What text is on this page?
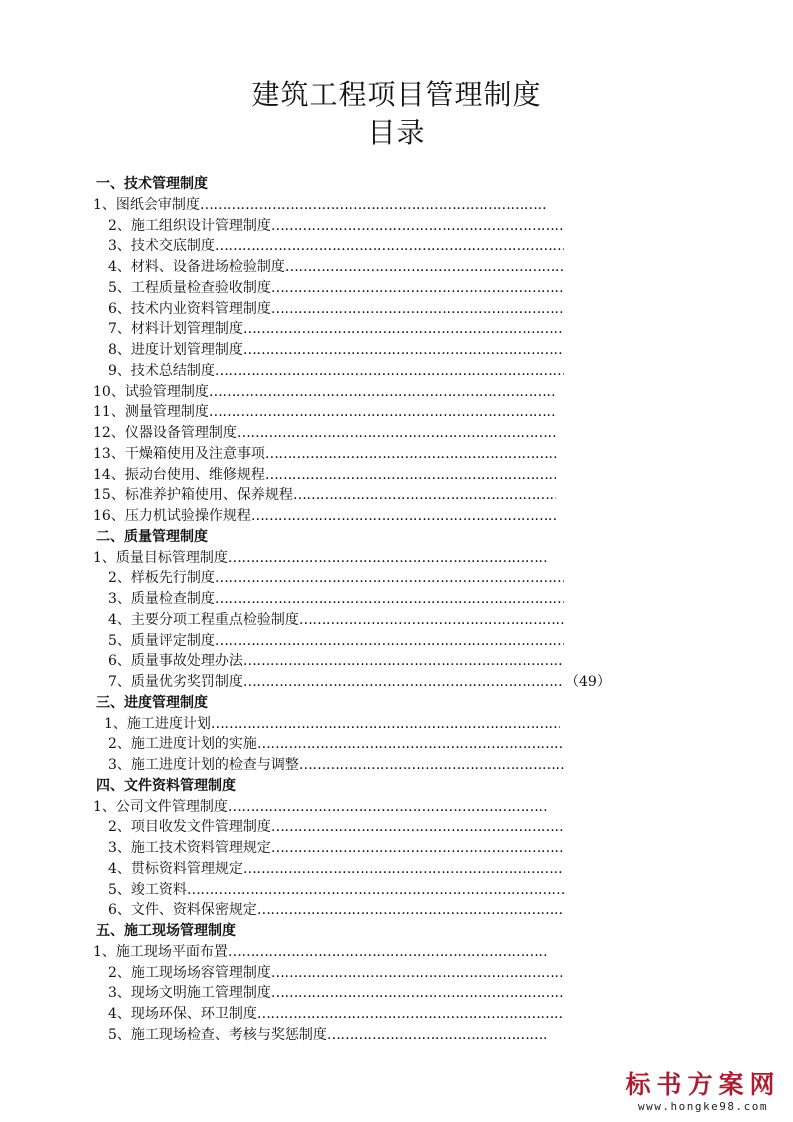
建筑工程项目管理制度
目录
一、技术管理制度
1、图纸会审制度
……………………………………………………………………………………………………………………………………………………………………
2、施工组织设计管理制度
……………………………………………………………………………………………………………………………………………………………………
3、技术交底制度
……………………………………………………………………………………………………………………………………………………………………
4、材料、设备进场检验制度
……………………………………………………………………………………………………………………………………………………………………
5、工程质量检查验收制度
……………………………………………………………………………………………………………………………………………………………………
6、技术内业资料管理制度
……………………………………………………………………………………………………………………………………………………………………
7、材料计划管理制度
……………………………………………………………………………………………………………………………………………………………………
8、进度计划管理制度
……………………………………………………………………………………………………………………………………………………………………
9、技术总结制度
……………………………………………………………………………………………………………………………………………………………………
10、试验管理制度
……………………………………………………………………………………………………………………………………………………………………
11、测量管理制度
……………………………………………………………………………………………………………………………………………………………………
12、仪器设备管理制度
……………………………………………………………………………………………………………………………………………………………………
13、干燥箱使用及注意事项
……………………………………………………………………………………………………………………………………………………………………
14、振动台使用、维修规程
……………………………………………………………………………………………………………………………………………………………………
15、标准养护箱使用、保养规程
……………………………………………………………………………………………………………………………………………………………………
16、压力机试验操作规程
……………………………………………………………………………………………………………………………………………………………………
二、质量管理制度
1、质量目标管理制度
……………………………………………………………………………………………………………………………………………………………………
2、样板先行制度
……………………………………………………………………………………………………………………………………………………………………
3、质量检查制度
……………………………………………………………………………………………………………………………………………………………………
4、主要分项工程重点检验制度
……………………………………………………………………………………………………………………………………………………………………
5、质量评定制度
……………………………………………………………………………………………………………………………………………………………………
6、质量事故处理办法
……………………………………………………………………………………………………………………………………………………………………
7、质量优劣奖罚制度
……………………………………………………………………………………………………………………………………………………………………	（49）
三、进度管理制度
1、施工进度计划
……………………………………………………………………………………………………………………………………………………………………
2、施工进度计划的实施
……………………………………………………………………………………………………………………………………………………………………
3、施工进度计划的检查与调整
……………………………………………………………………………………………………………………………………………………………………
四、文件资料管理制度
1、公司文件管理制度
……………………………………………………………………………………………………………………………………………………………………
2、项目收发文件管理制度
……………………………………………………………………………………………………………………………………………………………………
3、施工技术资料管理规定
……………………………………………………………………………………………………………………………………………………………………
4、贯标资料管理规定
……………………………………………………………………………………………………………………………………………………………………
5、竣工资料
……………………………………………………………………………………………………………………………………………………………………
6、文件、资料保密规定
……………………………………………………………………………………………………………………………………………………………………
五、施工现场管理制度
1、施工现场平面布置
……………………………………………………………………………………………………………………………………………………………………
2、施工现场场容管理制度
……………………………………………………………………………………………………………………………………………………………………
3、现场文明施工管理制度
……………………………………………………………………………………………………………………………………………………………………
4、现场环保、环卫制度
……………………………………………………………………………………………………………………………………………………………………
5、施工现场检查、考核与奖惩制度
……………………………………………………………………………………………………………………………………………………………………
标书方案网
www.hongke98.com
